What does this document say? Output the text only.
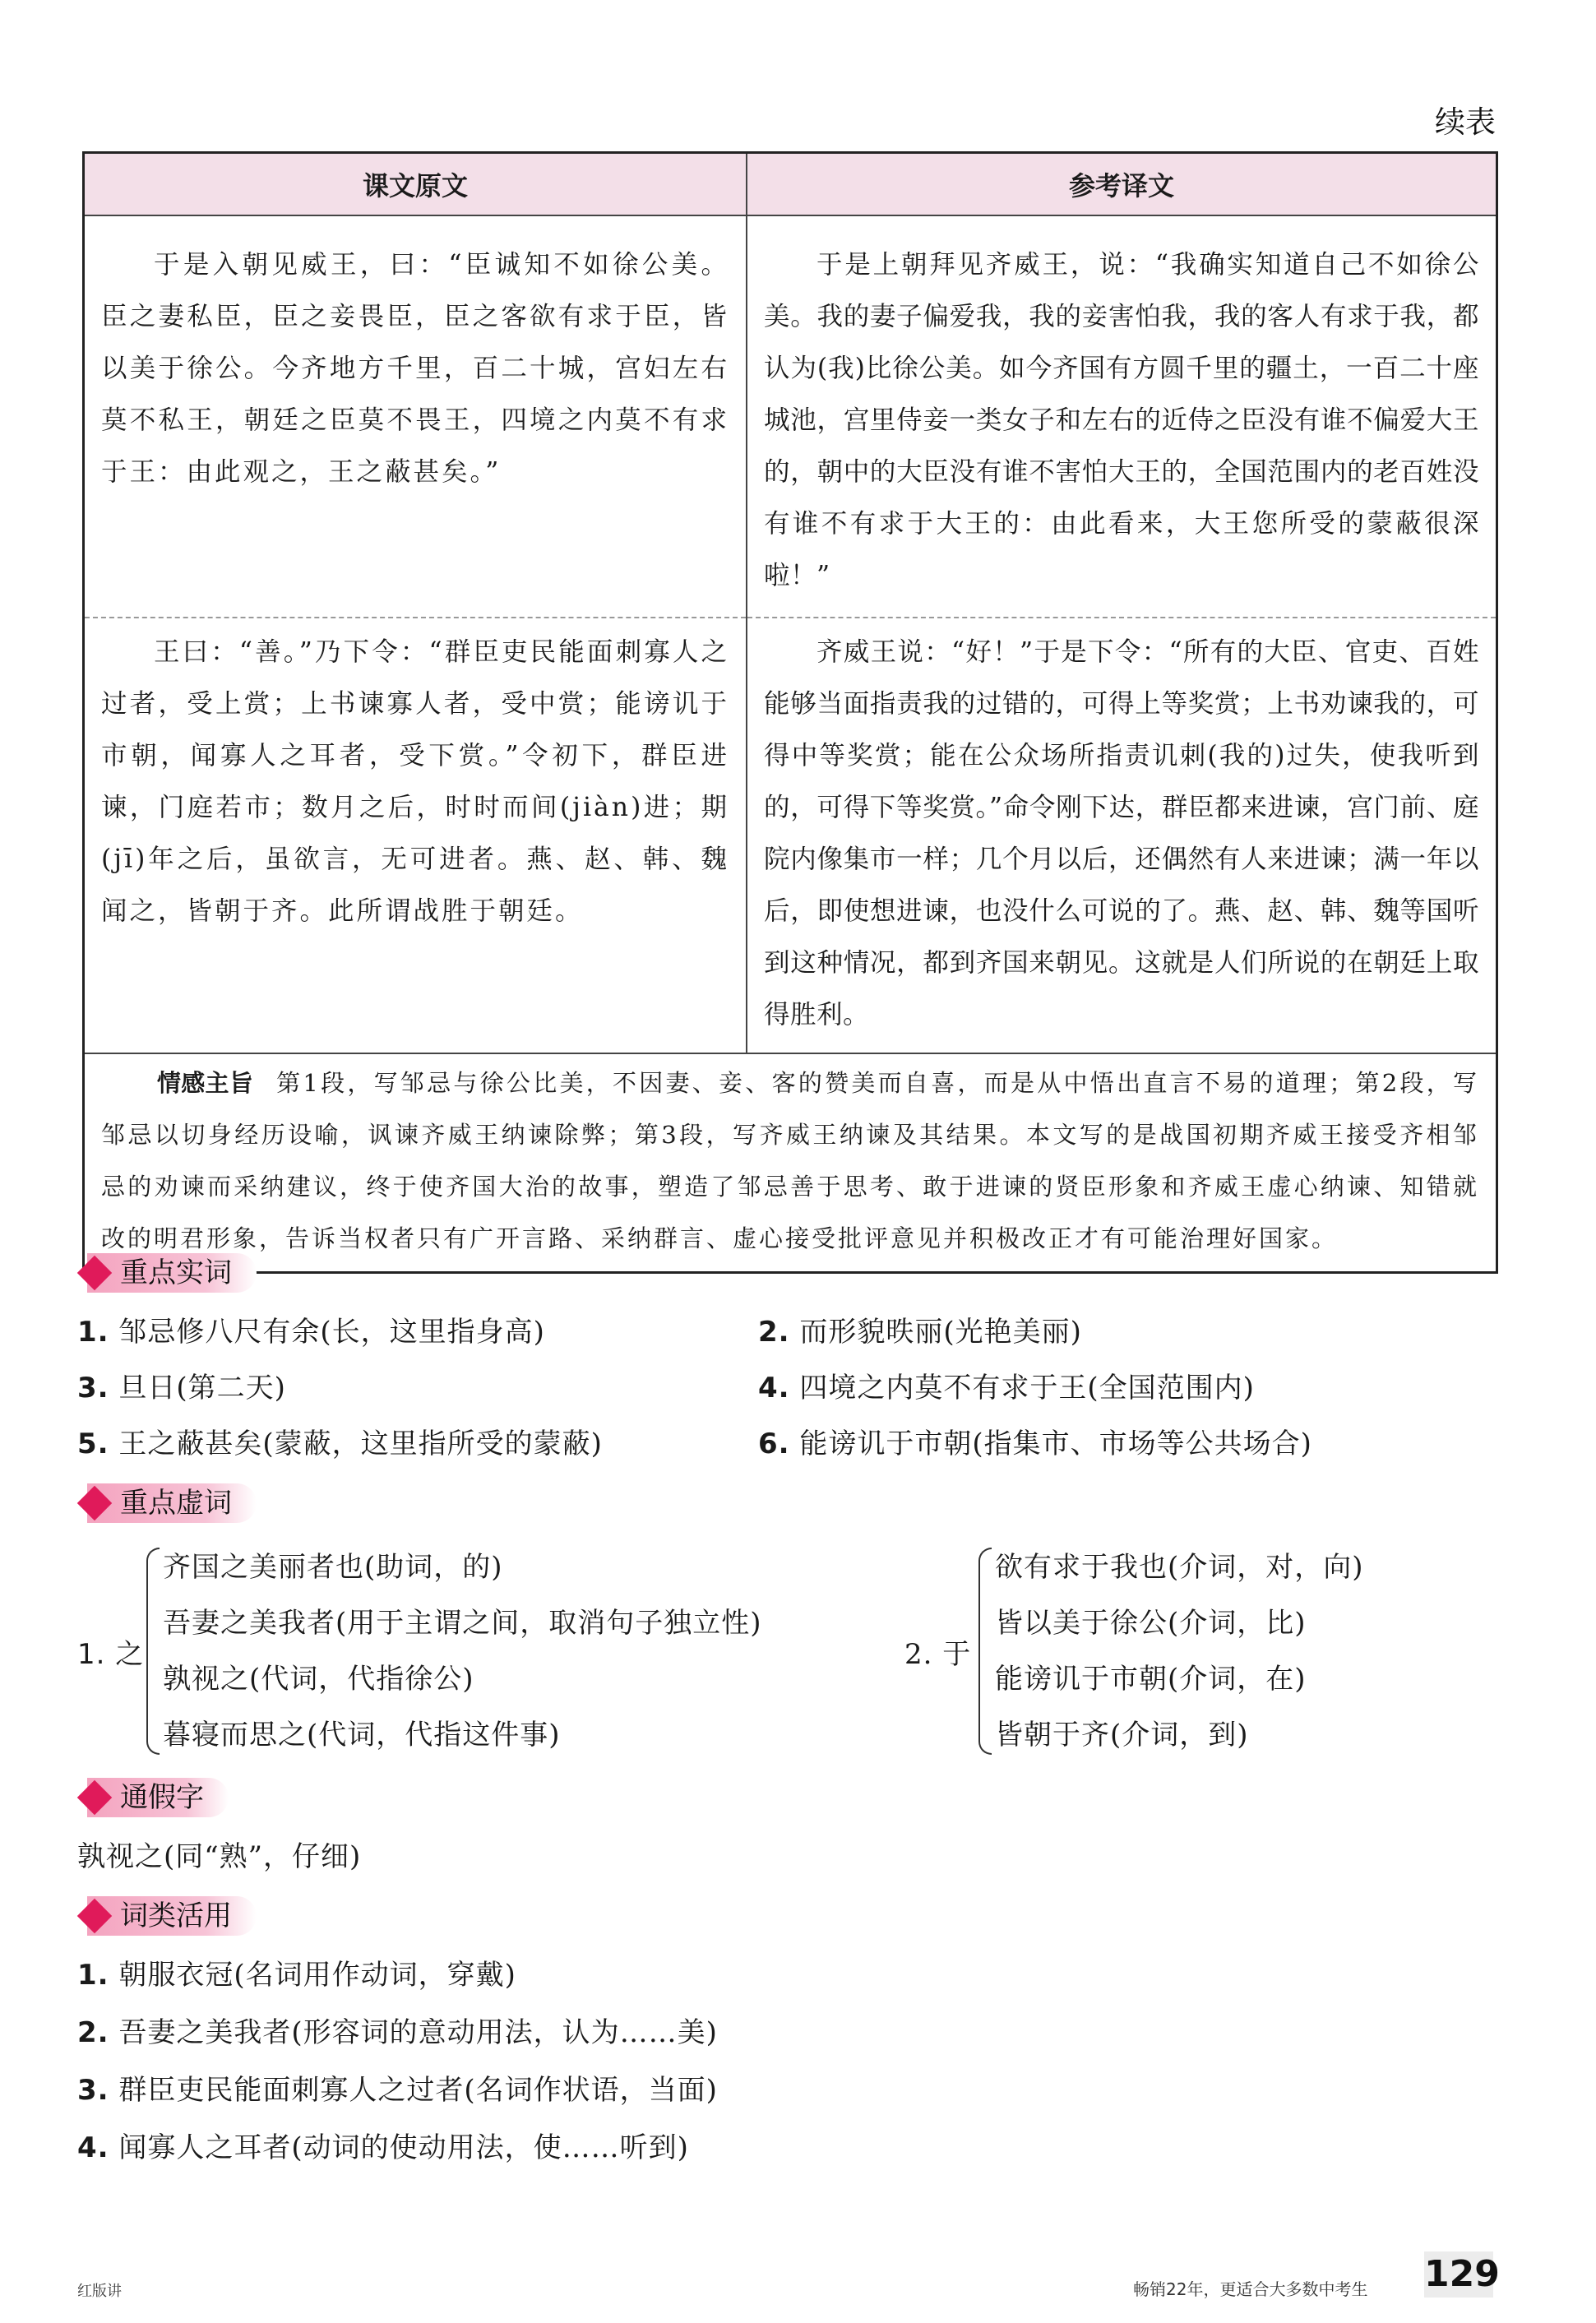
续表
课文原文	参考译文
于是入朝见威王，曰：“臣诚知不如徐公美。臣之妻私臣，臣之妾畏臣，臣之客欲有求于臣，皆以美于徐公。今齐地方千里，百二十城，宫妇左右莫不私王，朝廷之臣莫不畏王，四境之内莫不有求于王：由此观之，王之蔽甚矣。”	于是上朝拜见齐威王，说：“我确实知道自己不如徐公美。我的妻子偏爱我，我的妾害怕我，我的客人有求于我，都认为(我)比徐公美。如今齐国有方圆千里的疆土，一百二十座城池，宫里侍妾一类女子和左右的近侍之臣没有谁不偏爱大王的，朝中的大臣没有谁不害怕大王的，全国范围内的老百姓没有谁不有求于大王的：由此看来，大王您所受的蒙蔽很深啦！”
王曰：“善。”乃下令：“群臣吏民能面刺寡人之过者，受上赏；上书谏寡人者，受中赏；能谤讥于市朝，闻寡人之耳者，受下赏。”令初下，群臣进谏，门庭若市；数月之后，时时而间(jiàn)进；期(jī)年之后，虽欲言，无可进者。燕、赵、韩、魏闻之，皆朝于齐。此所谓战胜于朝廷。	齐威王说：“好！”于是下令：“所有的大臣、官吏、百姓能够当面指责我的过错的，可得上等奖赏；上书劝谏我的，可得中等奖赏；能在公众场所指责讥刺(我的)过失，使我听到的，可得下等奖赏。”命令刚下达，群臣都来进谏，宫门前、庭院内像集市一样；几个月以后，还偶然有人来进谏；满一年以后，即使想进谏，也没什么可说的了。燕、赵、韩、魏等国听到这种情况，都到齐国来朝见。这就是人们所说的在朝廷上取得胜利。
情感主旨 第1段，写邹忌与徐公比美，不因妻、妾、客的赞美而自喜，而是从中悟出直言不易的道理；第2段，写邹忌以切身经历设喻，讽谏齐威王纳谏除弊；第3段，写齐威王纳谏及其结果。本文写的是战国初期齐威王接受齐相邹忌的劝谏而采纳建议，终于使齐国大治的故事，塑造了邹忌善于思考、敢于进谏的贤臣形象和齐威王虚心纳谏、知错就改的明君形象，告诉当权者只有广开言路、采纳群言、虚心接受批评意见并积极改正才有可能治理好国家。	
重点实词
1. 邹忌修八尺有余(长，这里指身高)	2. 而形貌昳丽(光艳美丽)
3. 旦日(第二天)	4. 四境之内莫不有求于王(全国范围内)
5. 王之蔽甚矣(蒙蔽，这里指所受的蒙蔽)	6. 能谤讥于市朝(指集市、市场等公共场合)
重点虚词
1. 之
齐国之美丽者也(助词，的)
吾妻之美我者(用于主谓之间，取消句子独立性)
孰视之(代词，代指徐公)
暮寝而思之(代词，代指这件事)
2. 于
欲有求于我也(介词，对，向)
皆以美于徐公(介词，比)
能谤讥于市朝(介词，在)
皆朝于齐(介词，到)
通假字
孰视之(同“熟”，仔细)
词类活用
1. 朝服衣冠(名词用作动词，穿戴)
2. 吾妻之美我者(形容词的意动用法，认为……美)
3. 群臣吏民能面刺寡人之过者(名词作状语，当面)
4. 闻寡人之耳者(动词的使动用法，使……听到)
红版讲	畅销22年，更适合大多数中考生 129
